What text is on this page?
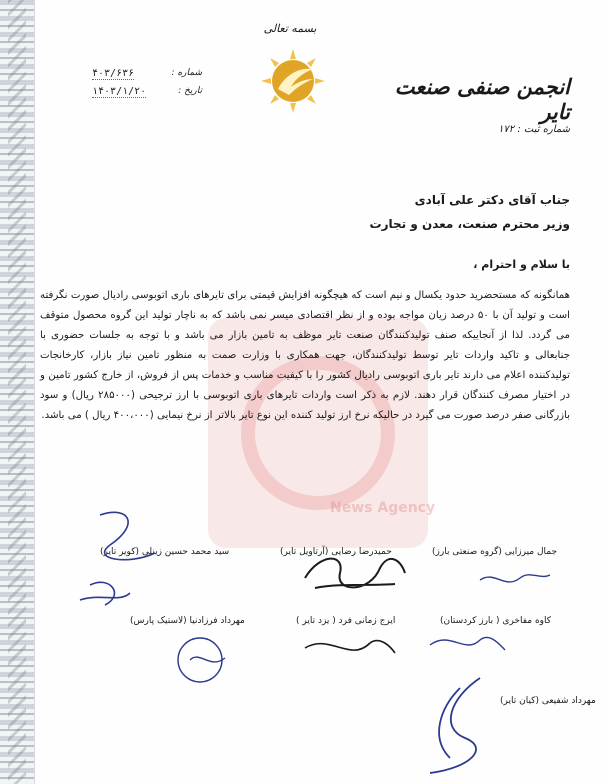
News Agency
بسمه تعالی
انجمن صنفی صنعت تایر
شماره ثبت : ۱۷۲
شماره :
۴۰۳/۶۳۶
تاریخ :
۱۴۰۳/۱/۲۰
جناب آقای دکتر علی آبادی
وزیر محترم صنعت، معدن و تجارت
با سلام و احترام ،
همانگونه که مستحضرید حدود یکسال و نیم است که هیچگونه افزایش قیمتی برای تایرهای باری اتوبوسی رادیال صورت نگرفته است و تولید آن با ۵۰ درصد زیان مواجه بوده و از نظر اقتصادی میسر نمی باشد که به ناچار تولید این گروه محصول متوقف می گردد. لذا از آنجاییکه صنف تولیدکنندگان صنعت تایر موظف به تامین بازار می باشد و با توجه به جلسات حضوری با جنابعالی و تاکید واردات تایر توسط تولیدکنندگان، جهت همکاری با وزارت صمت به منظور تامین نیاز بازار، کارخانجات تولیدکننده اعلام می دارند تایر باری اتوبوسی رادیال کشور را با کیفیت مناسب و خدمات پس از فروش، از خارج کشور تامین و در اختیار مصرف کنندگان قرار دهند. لازم به ذکر است واردات تایرهای باری اتوبوسی با ارز ترجیحی (۲۸۵۰۰۰ ریال) و سود بازرگانی صفر درصد صورت می گیرد در حالیکه نرخ ارز تولید کننده این نوع تایر بالاتر از نرخ نیمایی (۴۰۰،۰۰۰ ریال ) می باشد.
جمال میرزایی (گروه صنعتی بارز)
حمیدرضا رضایی (آرتاویل تایر)
سید محمد حسین زینلی (کویر تایر)
کاوه مفاخری ( بارز کردستان)
ایرج زمانی فرد ( یزد تایر )
مهرداد فرزادنیا (لاستیک پارس)
مهرداد شفیعی (کیان تایر)
